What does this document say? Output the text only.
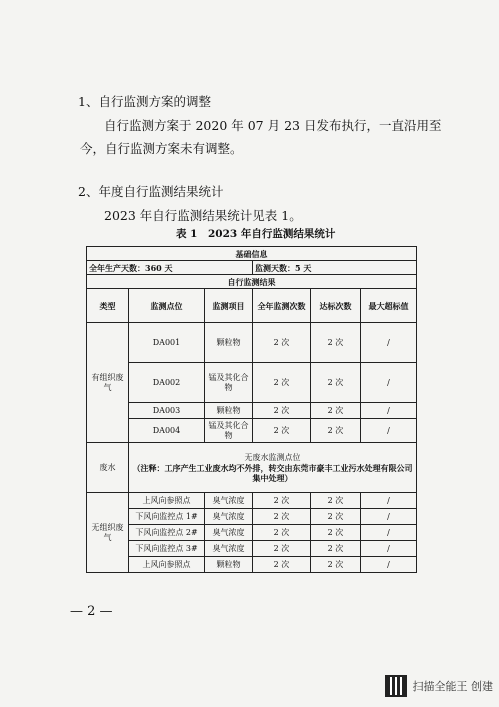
1、自行监测方案的调整
自行监测方案于 2020 年 07 月 23 日发布执行，一直沿用至
今，自行监测方案未有调整。
2、年度自行监测结果统计
2023 年自行监测结果统计见表 1。
表 1　2023 年自行监测结果统计
基础信息					
全年生产天数：360 天			监测天数：5 天		
自行监测结果					
类型	监测点位	监测项目	全年监测次数	达标次数	最大超标值
有组织废气	DA001	颗粒物	2 次	2 次	/
	DA002	锰及其化合物	2 次	2 次	/
	DA003	颗粒物	2 次	2 次	/
	DA004	锰及其化合物	2 次	2 次	/
废水	无废水监测点位
（注释：工序产生工业废水均不外排，转交由东莞市豪丰工业污水处理有限公司集中处理）				

无组织废气	上风向参照点	臭气浓度	2 次	2 次	/
	下风向监控点 1#	臭气浓度	2 次	2 次	/
	下风向监控点 2#	臭气浓度	2 次	2 次	/
	下风向监控点 3#	臭气浓度	2 次	2 次	/
	上风向参照点	颗粒物	2 次	2 次	/
— 2 —
扫描全能王 创建
